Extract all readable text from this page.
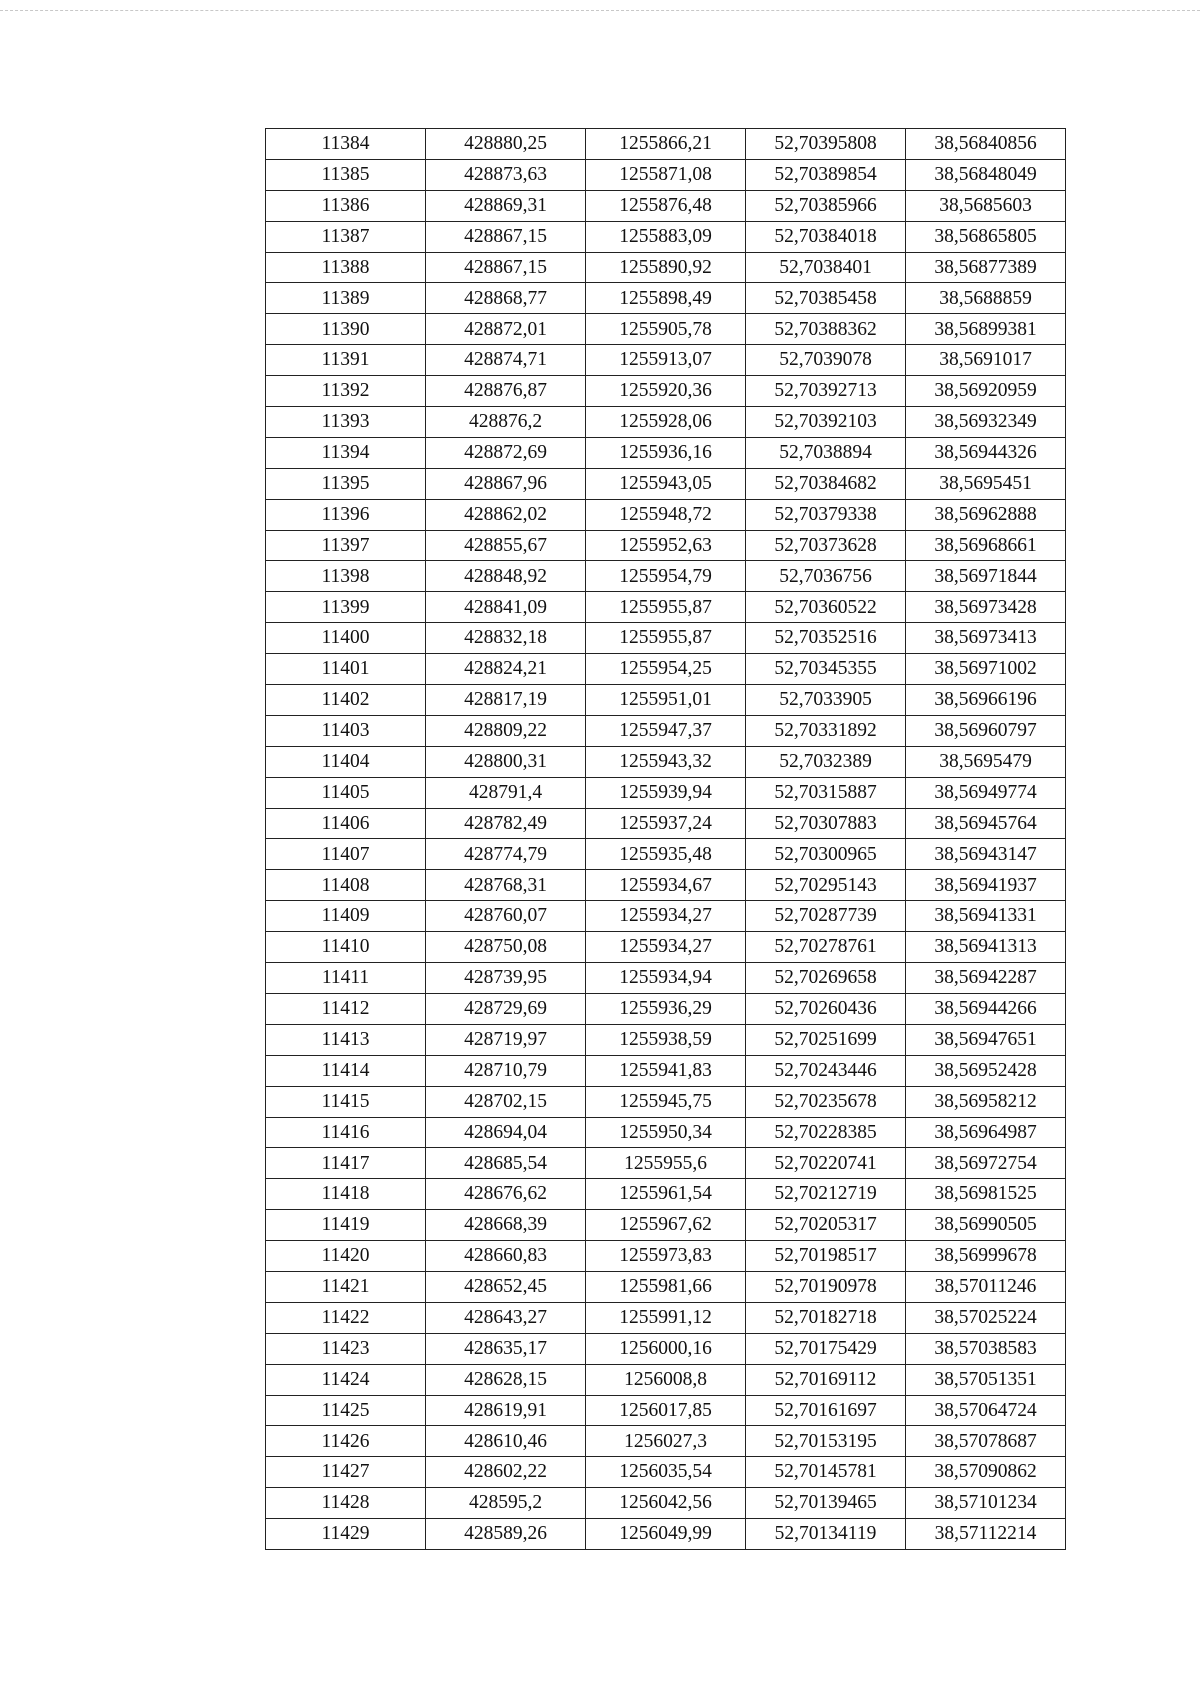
11384	428880,25	1255866,21	52,70395808	38,56840856
11385	428873,63	1255871,08	52,70389854	38,56848049
11386	428869,31	1255876,48	52,70385966	38,5685603
11387	428867,15	1255883,09	52,70384018	38,56865805
11388	428867,15	1255890,92	52,7038401	38,56877389
11389	428868,77	1255898,49	52,70385458	38,5688859
11390	428872,01	1255905,78	52,70388362	38,56899381
11391	428874,71	1255913,07	52,7039078	38,5691017
11392	428876,87	1255920,36	52,70392713	38,56920959
11393	428876,2	1255928,06	52,70392103	38,56932349
11394	428872,69	1255936,16	52,7038894	38,56944326
11395	428867,96	1255943,05	52,70384682	38,5695451
11396	428862,02	1255948,72	52,70379338	38,56962888
11397	428855,67	1255952,63	52,70373628	38,56968661
11398	428848,92	1255954,79	52,7036756	38,56971844
11399	428841,09	1255955,87	52,70360522	38,56973428
11400	428832,18	1255955,87	52,70352516	38,56973413
11401	428824,21	1255954,25	52,70345355	38,56971002
11402	428817,19	1255951,01	52,7033905	38,56966196
11403	428809,22	1255947,37	52,70331892	38,56960797
11404	428800,31	1255943,32	52,7032389	38,5695479
11405	428791,4	1255939,94	52,70315887	38,56949774
11406	428782,49	1255937,24	52,70307883	38,56945764
11407	428774,79	1255935,48	52,70300965	38,56943147
11408	428768,31	1255934,67	52,70295143	38,56941937
11409	428760,07	1255934,27	52,70287739	38,56941331
11410	428750,08	1255934,27	52,70278761	38,56941313
11411	428739,95	1255934,94	52,70269658	38,56942287
11412	428729,69	1255936,29	52,70260436	38,56944266
11413	428719,97	1255938,59	52,70251699	38,56947651
11414	428710,79	1255941,83	52,70243446	38,56952428
11415	428702,15	1255945,75	52,70235678	38,56958212
11416	428694,04	1255950,34	52,70228385	38,56964987
11417	428685,54	1255955,6	52,70220741	38,56972754
11418	428676,62	1255961,54	52,70212719	38,56981525
11419	428668,39	1255967,62	52,70205317	38,56990505
11420	428660,83	1255973,83	52,70198517	38,56999678
11421	428652,45	1255981,66	52,70190978	38,57011246
11422	428643,27	1255991,12	52,70182718	38,57025224
11423	428635,17	1256000,16	52,70175429	38,57038583
11424	428628,15	1256008,8	52,70169112	38,57051351
11425	428619,91	1256017,85	52,70161697	38,57064724
11426	428610,46	1256027,3	52,70153195	38,57078687
11427	428602,22	1256035,54	52,70145781	38,57090862
11428	428595,2	1256042,56	52,70139465	38,57101234
11429	428589,26	1256049,99	52,70134119	38,57112214
